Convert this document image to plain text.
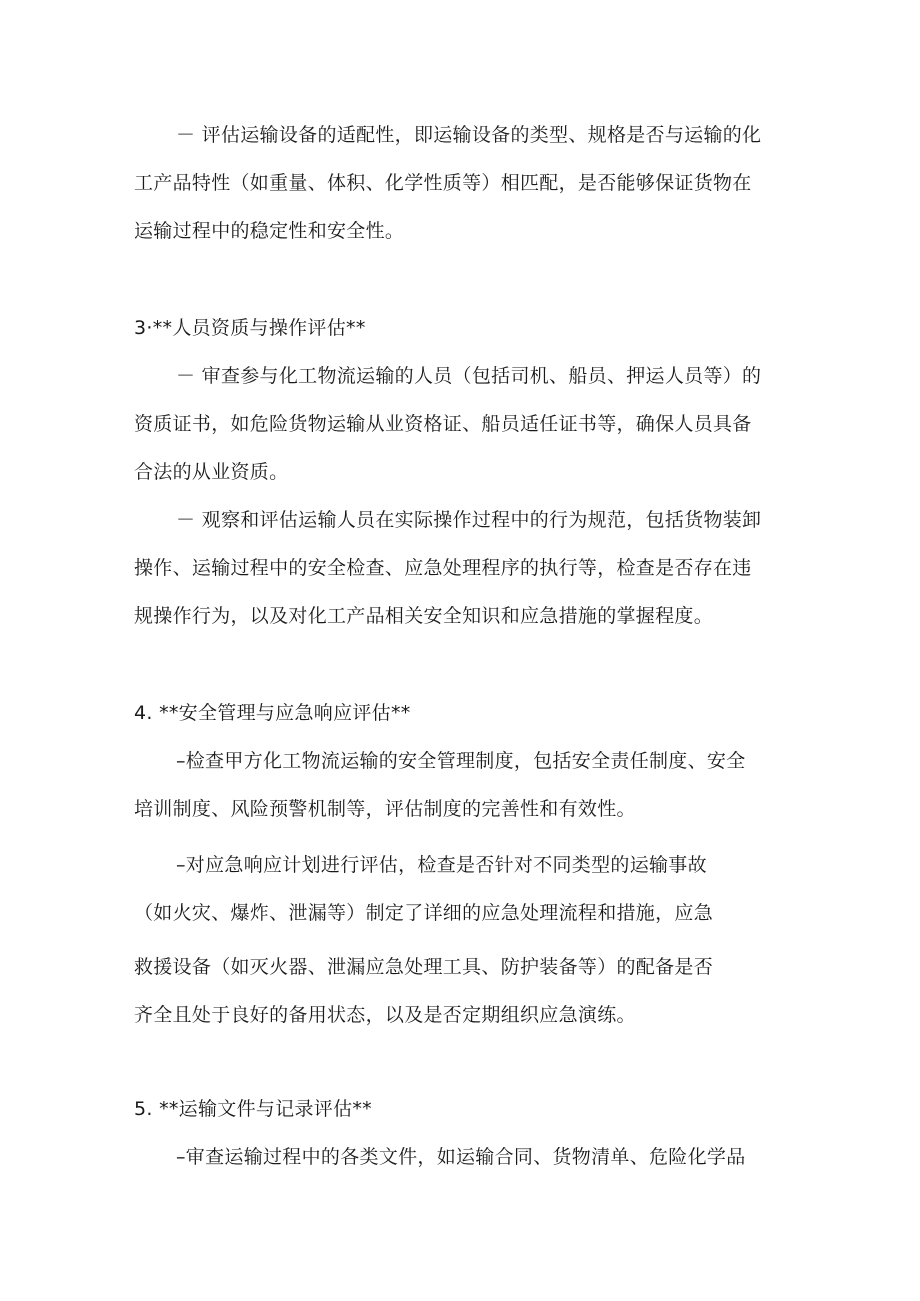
－ 评估运输设备的适配性，即运输设备的类型、规格是否与运输的化
工产品特性（如重量、体积、化学性质等）相匹配，是否能够保证货物在
运输过程中的稳定性和安全性。
3·**人员资质与操作评估**
－ 审查参与化工物流运输的人员（包括司机、船员、押运人员等）的
资质证书，如危险货物运输从业资格证、船员适任证书等，确保人员具备
合法的从业资质。
－ 观察和评估运输人员在实际操作过程中的行为规范，包括货物装卸
操作、运输过程中的安全检查、应急处理程序的执行等，检查是否存在违
规操作行为，以及对化工产品相关安全知识和应急措施的掌握程度。
4. **安全管理与应急响应评估**
–检查甲方化工物流运输的安全管理制度，包括安全责任制度、安全
培训制度、风险预警机制等，评估制度的完善性和有效性。
–对应急响应计划进行评估，检查是否针对不同类型的运输事故
（如火灾、爆炸、泄漏等）制定了详细的应急处理流程和措施，应急
救援设备（如灭火器、泄漏应急处理工具、防护装备等）的配备是否
齐全且处于良好的备用状态，以及是否定期组织应急演练。
5. **运输文件与记录评估**
–审查运输过程中的各类文件，如运输合同、货物清单、危险化学品
